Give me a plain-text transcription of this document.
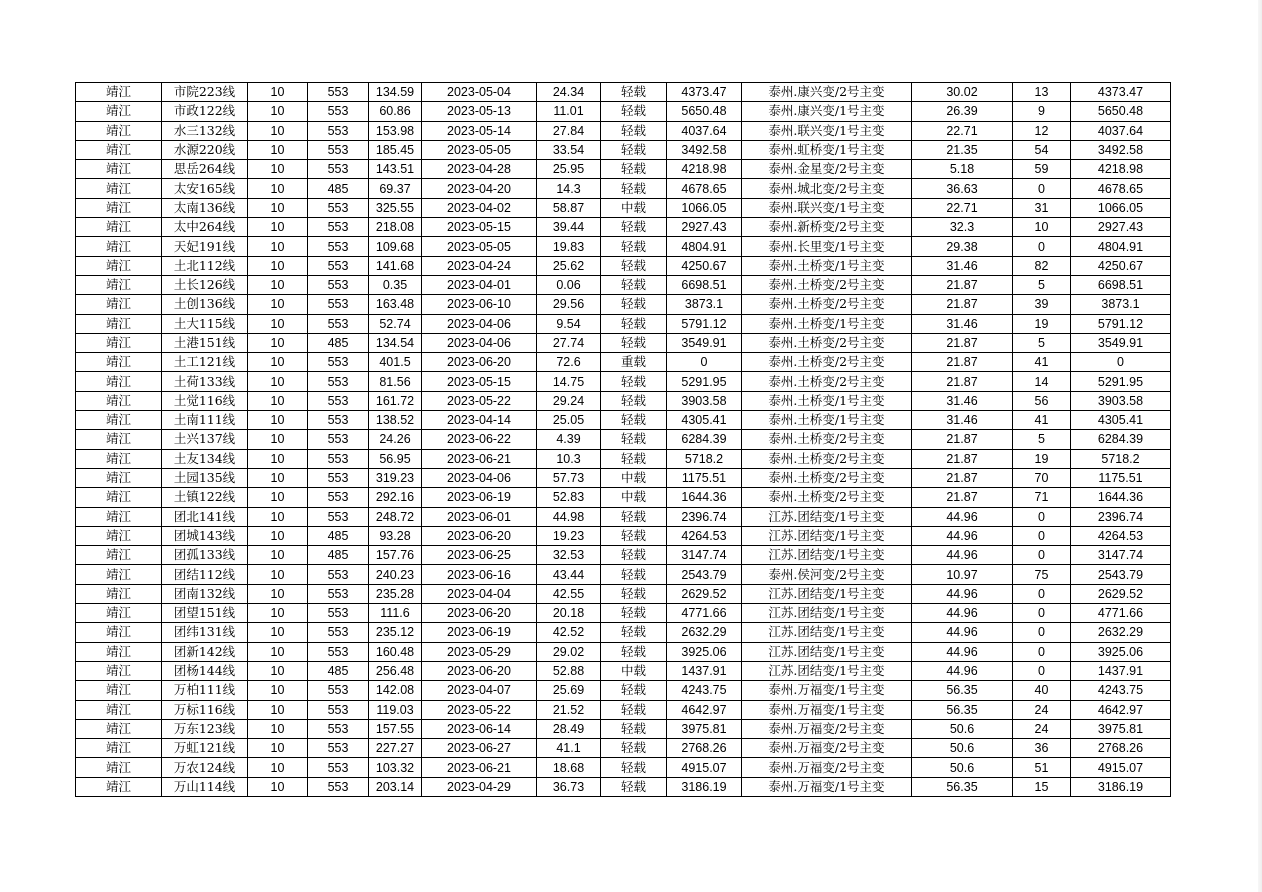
靖江	市院223线	10	553	134.59	2023-05-04	24.34	轻载	4373.47	泰州.康兴变/2号主变	30.02	13	4373.47
靖江	市政122线	10	553	60.86	2023-05-13	11.01	轻载	5650.48	泰州.康兴变/1号主变	26.39	9	5650.48
靖江	水三132线	10	553	153.98	2023-05-14	27.84	轻载	4037.64	泰州.联兴变/1号主变	22.71	12	4037.64
靖江	水源220线	10	553	185.45	2023-05-05	33.54	轻载	3492.58	泰州.虹桥变/1号主变	21.35	54	3492.58
靖江	思岳264线	10	553	143.51	2023-04-28	25.95	轻载	4218.98	泰州.金星变/2号主变	5.18	59	4218.98
靖江	太安165线	10	485	69.37	2023-04-20	14.3	轻载	4678.65	泰州.城北变/2号主变	36.63	0	4678.65
靖江	太南136线	10	553	325.55	2023-04-02	58.87	中载	1066.05	泰州.联兴变/1号主变	22.71	31	1066.05
靖江	太中264线	10	553	218.08	2023-05-15	39.44	轻载	2927.43	泰州.新桥变/2号主变	32.3	10	2927.43
靖江	天妃191线	10	553	109.68	2023-05-05	19.83	轻载	4804.91	泰州.长里变/1号主变	29.38	0	4804.91
靖江	土北112线	10	553	141.68	2023-04-24	25.62	轻载	4250.67	泰州.土桥变/1号主变	31.46	82	4250.67
靖江	土长126线	10	553	0.35	2023-04-01	0.06	轻载	6698.51	泰州.土桥变/2号主变	21.87	5	6698.51
靖江	土创136线	10	553	163.48	2023-06-10	29.56	轻载	3873.1	泰州.土桥变/2号主变	21.87	39	3873.1
靖江	土大115线	10	553	52.74	2023-04-06	9.54	轻载	5791.12	泰州.土桥变/1号主变	31.46	19	5791.12
靖江	土港151线	10	485	134.54	2023-04-06	27.74	轻载	3549.91	泰州.土桥变/2号主变	21.87	5	3549.91
靖江	土工121线	10	553	401.5	2023-06-20	72.6	重载	0	泰州.土桥变/2号主变	21.87	41	0
靖江	土荷133线	10	553	81.56	2023-05-15	14.75	轻载	5291.95	泰州.土桥变/2号主变	21.87	14	5291.95
靖江	土觉116线	10	553	161.72	2023-05-22	29.24	轻载	3903.58	泰州.土桥变/1号主变	31.46	56	3903.58
靖江	土南111线	10	553	138.52	2023-04-14	25.05	轻载	4305.41	泰州.土桥变/1号主变	31.46	41	4305.41
靖江	土兴137线	10	553	24.26	2023-06-22	4.39	轻载	6284.39	泰州.土桥变/2号主变	21.87	5	6284.39
靖江	土友134线	10	553	56.95	2023-06-21	10.3	轻载	5718.2	泰州.土桥变/2号主变	21.87	19	5718.2
靖江	土园135线	10	553	319.23	2023-04-06	57.73	中载	1175.51	泰州.土桥变/2号主变	21.87	70	1175.51
靖江	土镇122线	10	553	292.16	2023-06-19	52.83	中载	1644.36	泰州.土桥变/2号主变	21.87	71	1644.36
靖江	团北141线	10	553	248.72	2023-06-01	44.98	轻载	2396.74	江苏.团结变/1号主变	44.96	0	2396.74
靖江	团城143线	10	485	93.28	2023-06-20	19.23	轻载	4264.53	江苏.团结变/1号主变	44.96	0	4264.53
靖江	团孤133线	10	485	157.76	2023-06-25	32.53	轻载	3147.74	江苏.团结变/1号主变	44.96	0	3147.74
靖江	团结112线	10	553	240.23	2023-06-16	43.44	轻载	2543.79	泰州.侯河变/2号主变	10.97	75	2543.79
靖江	团南132线	10	553	235.28	2023-04-04	42.55	轻载	2629.52	江苏.团结变/1号主变	44.96	0	2629.52
靖江	团望151线	10	553	111.6	2023-06-20	20.18	轻载	4771.66	江苏.团结变/1号主变	44.96	0	4771.66
靖江	团纬131线	10	553	235.12	2023-06-19	42.52	轻载	2632.29	江苏.团结变/1号主变	44.96	0	2632.29
靖江	团新142线	10	553	160.48	2023-05-29	29.02	轻载	3925.06	江苏.团结变/1号主变	44.96	0	3925.06
靖江	团杨144线	10	485	256.48	2023-06-20	52.88	中载	1437.91	江苏.团结变/1号主变	44.96	0	1437.91
靖江	万柏111线	10	553	142.08	2023-04-07	25.69	轻载	4243.75	泰州.万福变/1号主变	56.35	40	4243.75
靖江	万标116线	10	553	119.03	2023-05-22	21.52	轻载	4642.97	泰州.万福变/1号主变	56.35	24	4642.97
靖江	万东123线	10	553	157.55	2023-06-14	28.49	轻载	3975.81	泰州.万福变/2号主变	50.6	24	3975.81
靖江	万虹121线	10	553	227.27	2023-06-27	41.1	轻载	2768.26	泰州.万福变/2号主变	50.6	36	2768.26
靖江	万农124线	10	553	103.32	2023-06-21	18.68	轻载	4915.07	泰州.万福变/2号主变	50.6	51	4915.07
靖江	万山114线	10	553	203.14	2023-04-29	36.73	轻载	3186.19	泰州.万福变/1号主变	56.35	15	3186.19
